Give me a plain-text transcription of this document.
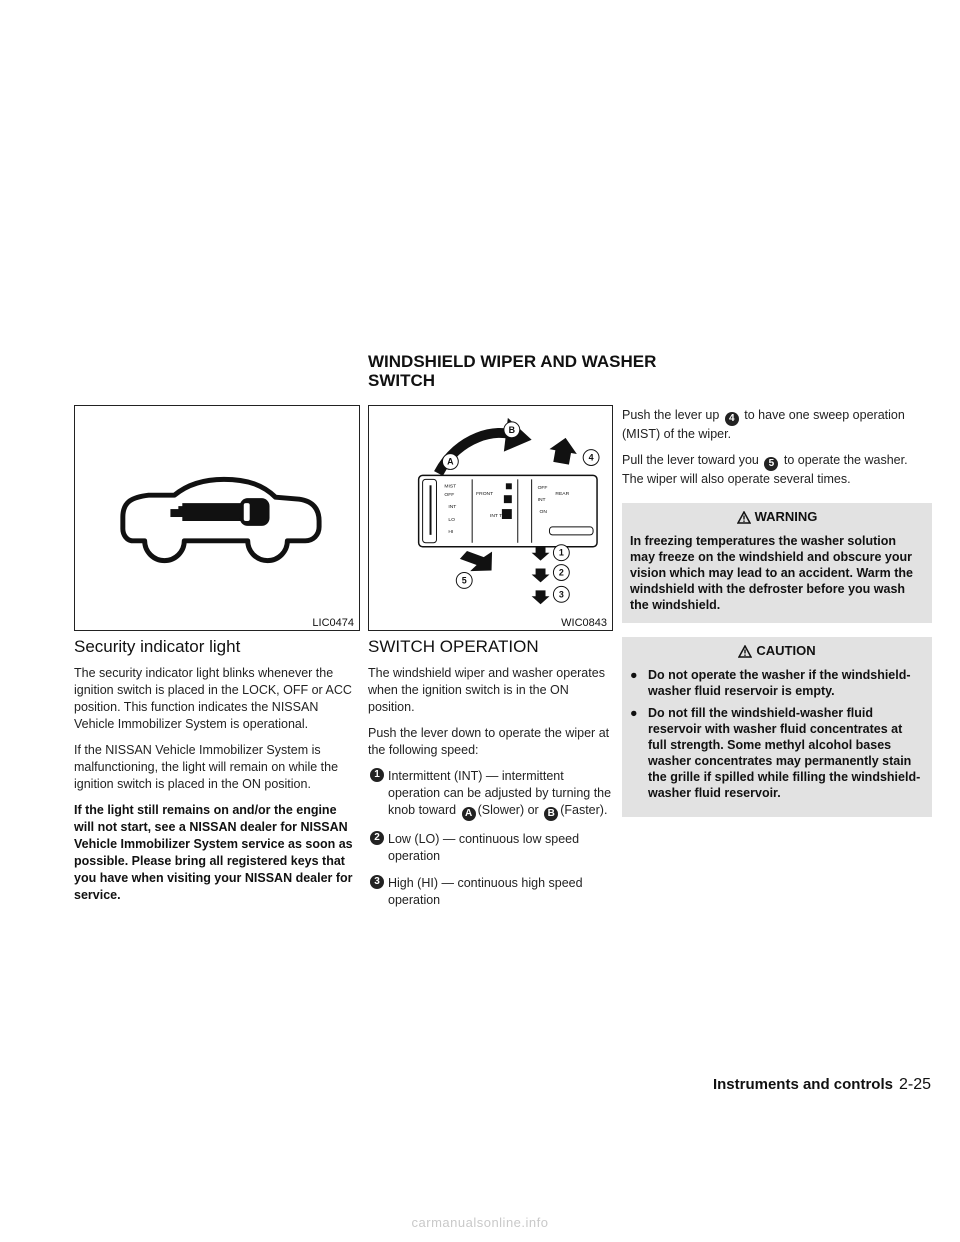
WINDSHIELD WIPER AND WASHER
SWITCH
LIC0474
MIST
OFF
INT
LO
HI
FRONT
INT TIME
OFF
INT
ON
REAR
A
B
1
2
3
4
5
WIC0843
Security indicator light

The security indicator light blinks whenever the ignition switch is placed in the LOCK, OFF or ACC position. This function indicates the NISSAN Vehicle Immobilizer System is operational.

If the NISSAN Vehicle Immobilizer System is malfunctioning, the light will remain on while the ignition switch is placed in the ON position.

If the light still remains on and/or the engine will not start, see a NISSAN dealer for NISSAN Vehicle Immobilizer System service as soon as possible. Please bring all registered keys that you have when visiting your NISSAN dealer for service.

SWITCH OPERATION

The windshield wiper and washer operates when the ignition switch is in the ON position.

Push the lever down to operate the wiper at the following speed:

1 Intermittent (INT) — intermittent operation can be adjusted by turning the knob toward A (Slower) or B (Faster).
2 Low (LO) — continuous low speed operation
3 High (HI) — continuous high speed operation

Push the lever up 4 to have one sweep operation (MIST) of the wiper.

Pull the lever toward you 5 to operate the washer. The wiper will also operate several times.

WARNING
In freezing temperatures the washer solution may freeze on the windshield and obscure your vision which may lead to an accident. Warm the windshield with the defroster before you wash the windshield.
CAUTION
● Do not operate the washer if the windshield-washer fluid reservoir is empty.
● Do not fill the windshield-washer fluid reservoir with washer fluid concentrates at full strength. Some methyl alcohol bases washer concentrates may permanently stain the grille if spilled while filling the windshield-washer fluid reservoir.
Instruments and controls 2-25
carmanualsonline.info
